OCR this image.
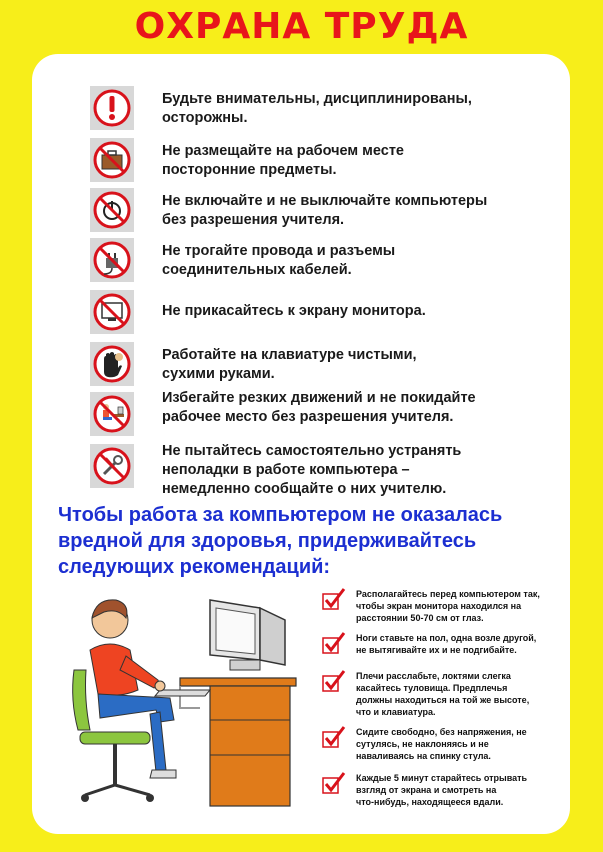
ОХРАНА ТРУДА
Будьте внимательны, дисциплинированы,
осторожны.
Не размещайте на рабочем месте
посторонние предметы.
Не включайте и не выключайте компьютеры
без разрешения учителя.
Не трогайте провода и разъемы
соединительных кабелей.
Не прикасайтесь к экрану монитора.
Работайте на клавиатуре чистыми,
сухими руками.
Избегайте резких движений и не покидайте
рабочее место без разрешения учителя.
Не пытайтесь самостоятельно устранять
неполадки в работе компьютера –
немедленно сообщайте о них учителю.
Чтобы работа за компьютером не оказалась
вредной для здоровья, придерживайтесь
следующих рекомендаций:
Располагайтесь перед компьютером так,
чтобы экран монитора находился на
расстоянии 50-70 см от глаз.
Ноги ставьте на пол, одна возле другой,
не вытягивайте их и не подгибайте.
Плечи расслабьте, локтями слегка
касайтесь туловища. Предплечья
должны находиться на той же высоте,
что и клавиатура.
Сидите свободно, без напряжения, не
сутулясь, не наклоняясь и не
наваливаясь на спинку стула.
Каждые 5 минут старайтесь отрывать
взгляд от экрана и смотреть на
что-нибудь, находящееся вдали.
